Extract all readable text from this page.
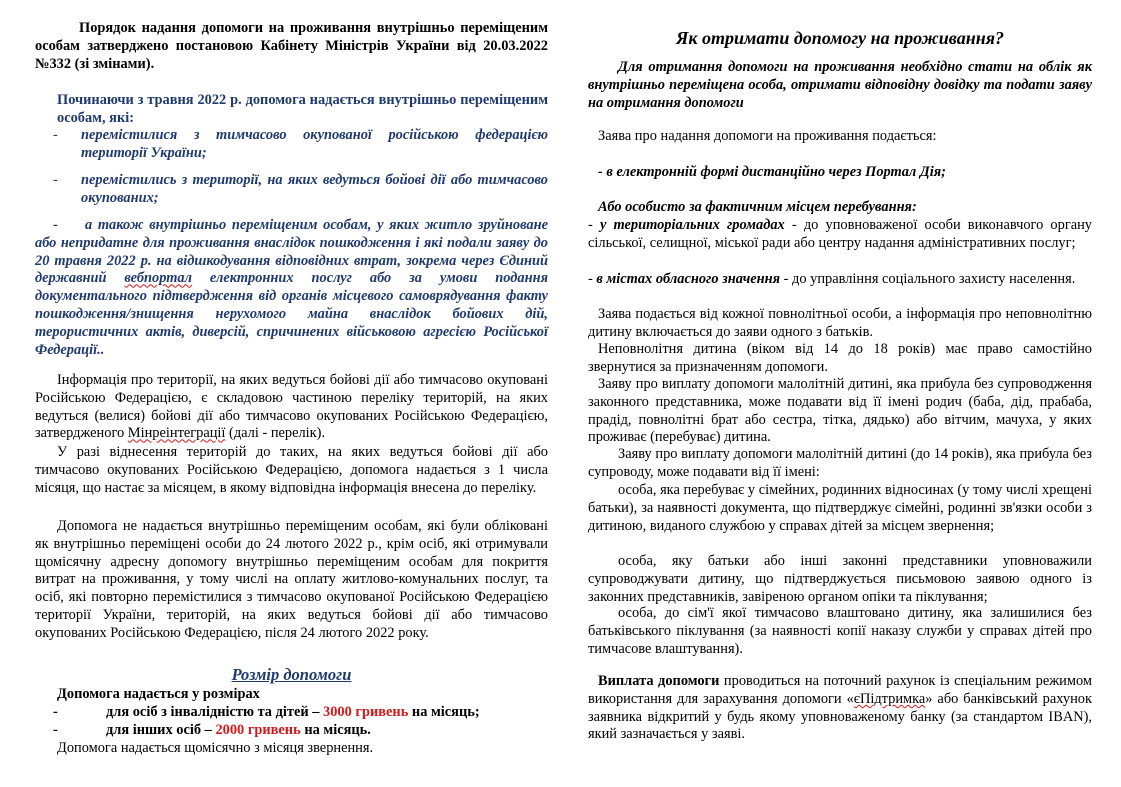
Порядок надання допомоги на проживання внутрішньо переміщеним особам затверджено постановою Кабінету Міністрів України від 20.03.2022 №332 (зі змінами).

Починаючи з травня 2022 р. допомога надається внутрішньо переміщеним особам, які:

-	перемістилися з тимчасово окупованої російською федерацією території України;

-	перемістились з території, на яких ведуться бойові дії або тимчасово окупованих;

- а також внутрішньо переміщеним особам, у яких житло зруйноване або непридатне для проживання внаслідок пошкодження і які подали заяву до 20 травня 2022 р. на відшкодування відповідних втрат, зокрема через Єдиний державний вебпортал електронних послуг або за умови подання документального підтвердження від органів місцевого самоврядування факту пошкодження/знищення нерухомого майна внаслідок бойових дій, терористичних актів, диверсій, спричинених військовою агресією Російської Федерації..

Інформація про території, на яких ведуться бойові дії або тимчасово окуповані Російською Федерацією, є складовою частиною переліку територій, на яких ведуться (велися) бойові дії або тимчасово окупованих Російською Федерацією, затвердженого Мінреінтеграції (далі - перелік).

У разі віднесення територій до таких, на яких ведуться бойові дії або тимчасово окупованих Російською Федерацією, допомога надається з 1 числа місяця, що настає за місяцем, в якому відповідна інформація внесена до переліку.

Допомога не надається внутрішньо переміщеним особам, які були обліковані як внутрішньо переміщені особи до 24 лютого 2022 р., крім осіб, які отримували щомісячну адресну допомогу внутрішньо переміщеним особам для покриття витрат на проживання, у тому числі на оплату житлово-комунальних послуг, та осіб, які повторно перемістилися з тимчасово окупованої Російською Федерацією території України, територій, на яких ведуться бойові дії або тимчасово окупованих Російською Федерацією, після 24 лютого 2022 року.

Розмір допомоги

Допомога надається у розмірах

-	для осіб з інвалідністю та дітей – 3000 гривень на місяць;

-	для інших осіб – 2000 гривень на місяць.

Допомога надається щомісячно з місяця звернення.

Як отримати допомогу на проживання?

Для отримання допомоги на проживання необхідно стати на облік як внутрішньо переміщена особа, отримати відповідну довідку та подати заяву на отримання допомоги

Заява про надання допомоги на проживання подається:

- в електронній формі дистанційно через Портал Дія;

Або особисто за фактичним місцем перебування:

- у територіальних громадах - до уповноваженої особи виконавчого органу сільської, селищної, міської ради або центру надання адміністративних послуг;

- в містах обласного значення - до управління соціального захисту населення.

Заява подається від кожної повнолітньої особи, а інформація про неповнолітню дитину включається до заяви одного з батьків.

Неповнолітня дитина (віком від 14 до 18 років) має право самостійно звернутися за призначенням допомоги.

Заяву про виплату допомоги малолітній дитині, яка прибула без супроводження законного представника, може подавати від її імені родич (баба, дід, прабаба, прадід, повнолітні брат або сестра, тітка, дядько) або вітчим, мачуха, у яких проживає (перебуває) дитина.

Заяву про виплату допомоги малолітній дитині (до 14 років), яка прибула без супроводу, може подавати від її імені:

особа, яка перебуває у сімейних, родинних відносинах (у тому числі хрещені батьки), за наявності документа, що підтверджує сімейні, родинні зв'язки особи з дитиною, виданого службою у справах дітей за місцем звернення;

особа, яку батьки або інші законні представники уповноважили супроводжувати дитину, що підтверджується письмовою заявою одного із законних представників, завіреною органом опіки та піклування;

особа, до сім'ї якої тимчасово влаштовано дитину, яка залишилися без батьківського піклування (за наявності копії наказу служби у справах дітей про тимчасове влаштування).

Виплата допомоги проводиться на поточний рахунок із спеціальним режимом використання для зарахування допомоги «єПідтримка» або банківський рахунок заявника відкритий у будь якому уповноваженому банку (за стандартом IBAN), який зазначається у заяві.
